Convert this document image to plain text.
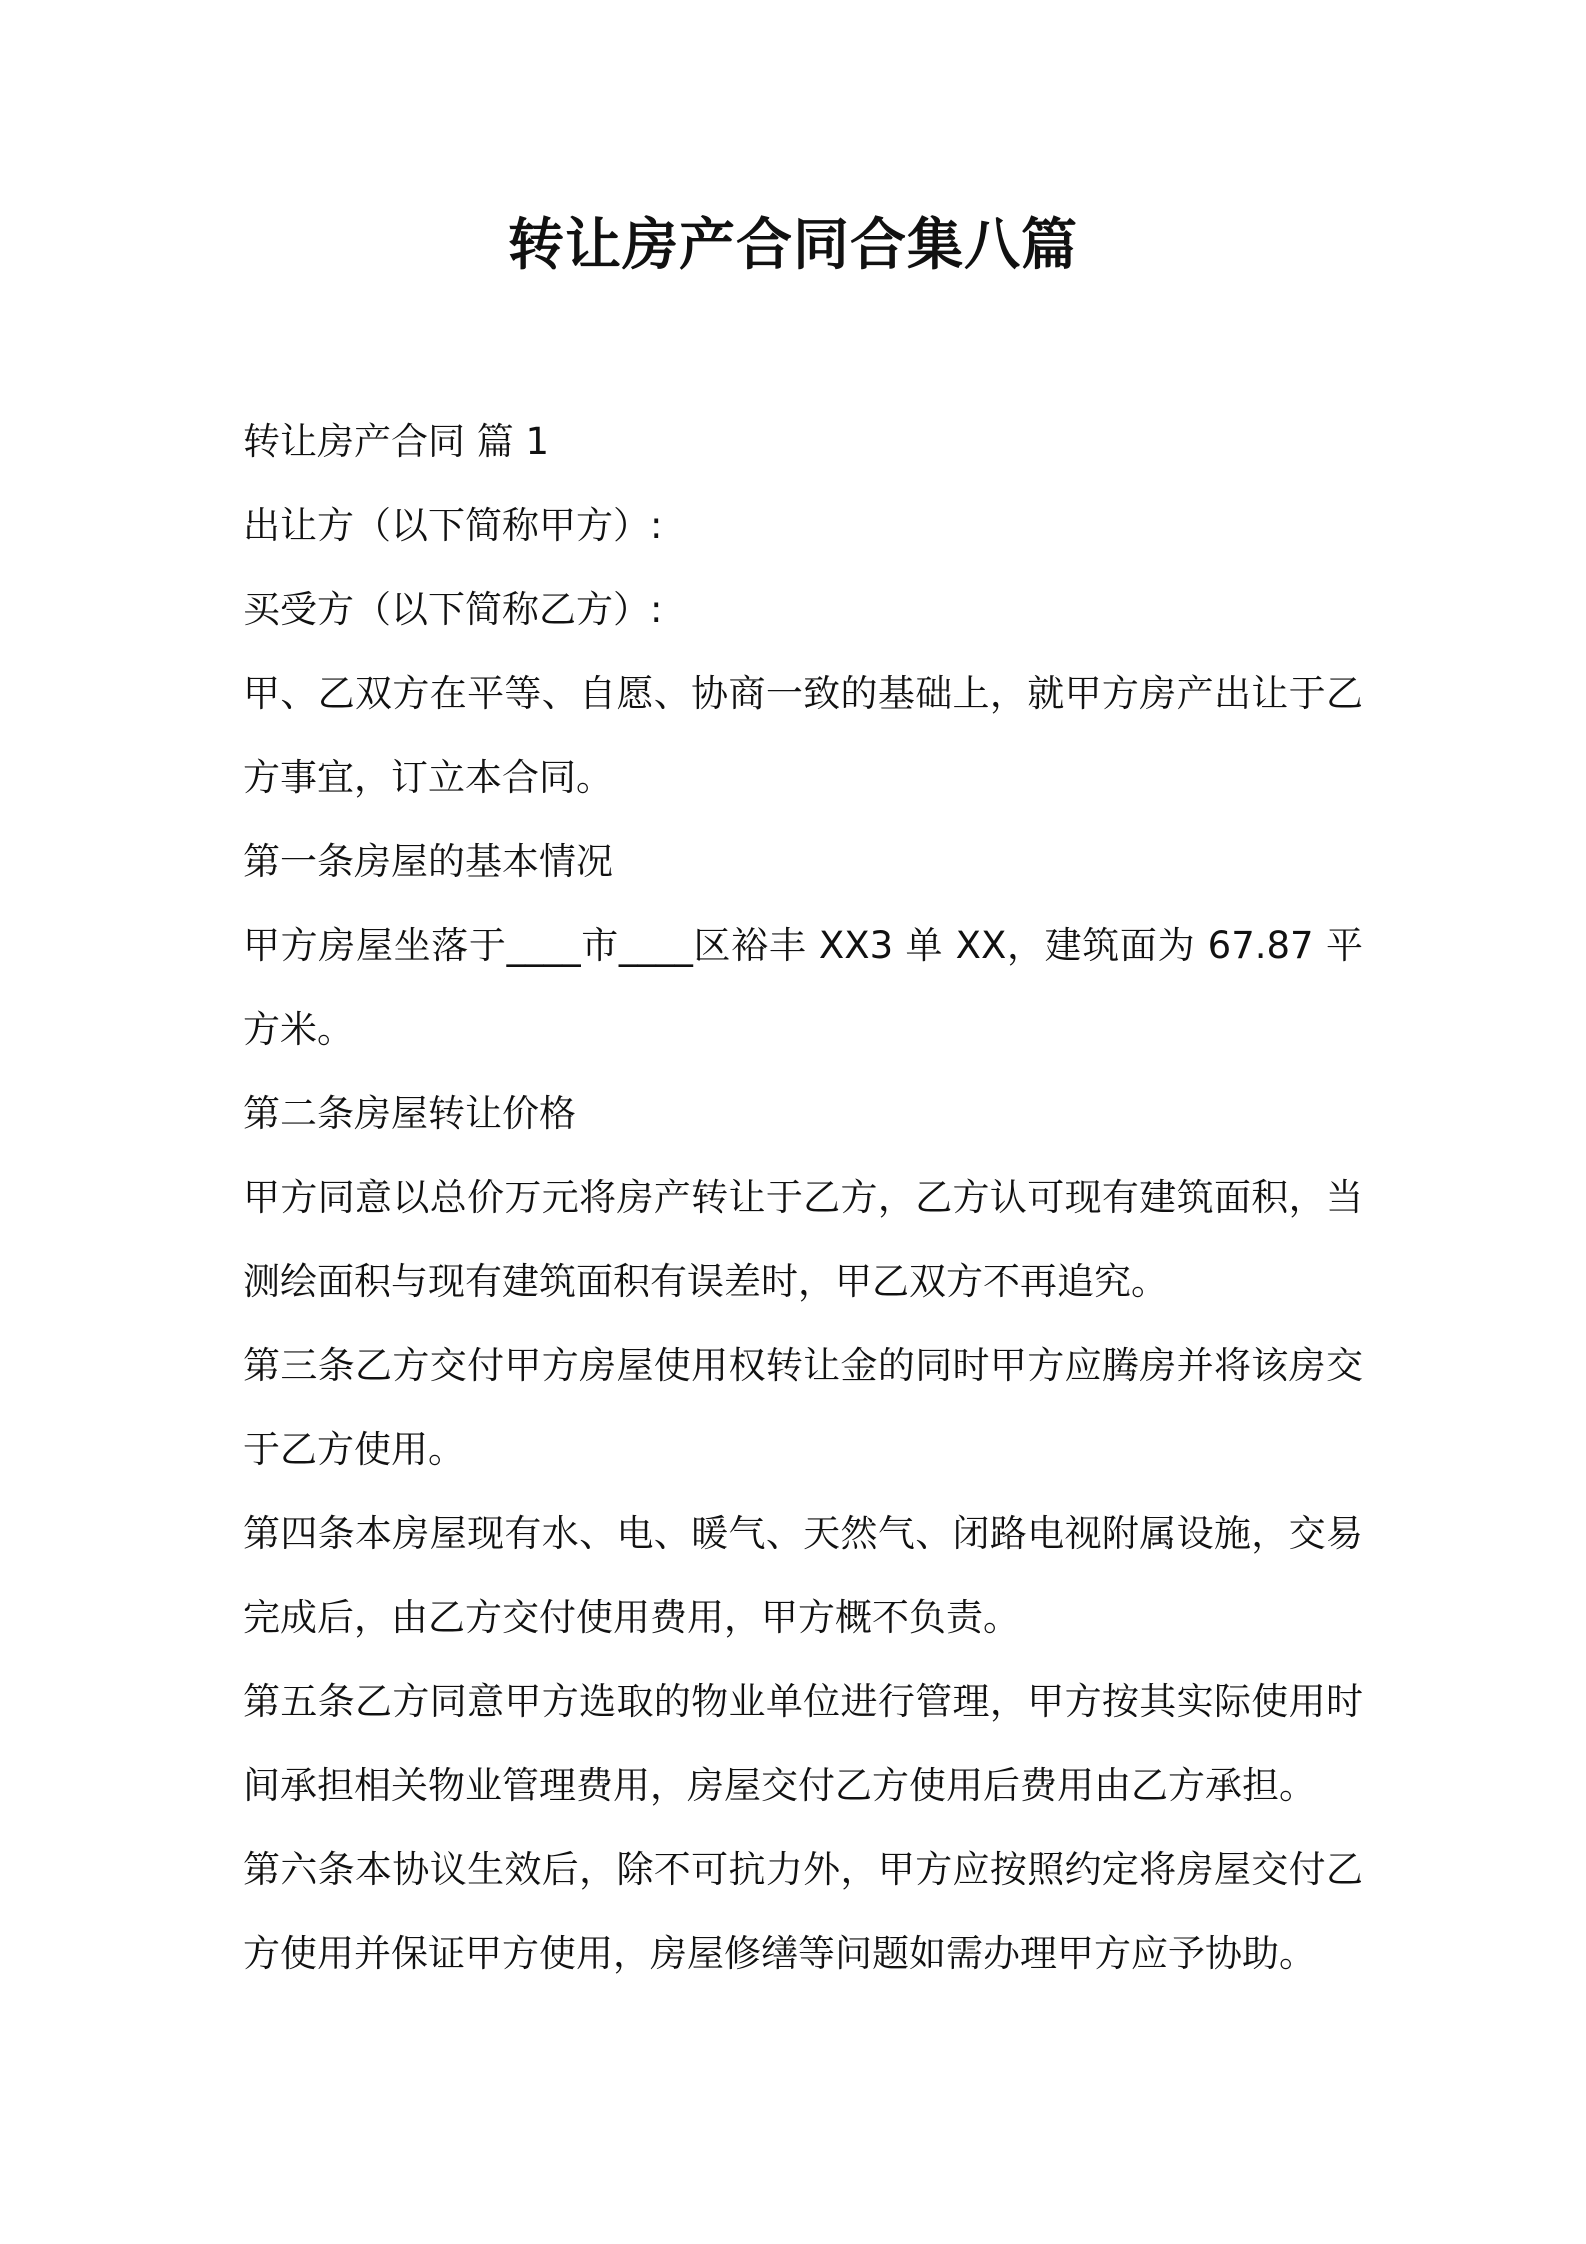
转让房产合同合集八篇

转让房产合同 篇 1

出让方（以下简称甲方）:

买受方（以下简称乙方）:

甲、乙双方在平等、自愿、协商一致的基础上，就甲方房产出让于乙方事宜，订立本合同。

第一条房屋的基本情况

甲方房屋坐落于____市____区裕丰 XX3 单 XX，建筑面为 67.87 平方米。

第二条房屋转让价格

甲方同意以总价万元将房产转让于乙方，乙方认可现有建筑面积，当测绘面积与现有建筑面积有误差时，甲乙双方不再追究。

第三条乙方交付甲方房屋使用权转让金的同时甲方应腾房并将该房交于乙方使用。

第四条本房屋现有水、电、暖气、天然气、闭路电视附属设施，交易完成后，由乙方交付使用费用，甲方概不负责。

第五条乙方同意甲方选取的物业单位进行管理，甲方按其实际使用时间承担相关物业管理费用，房屋交付乙方使用后费用由乙方承担。

第六条本协议生效后，除不可抗力外，甲方应按照约定将房屋交付乙方使用并保证甲方使用，房屋修缮等问题如需办理甲方应予协助。
